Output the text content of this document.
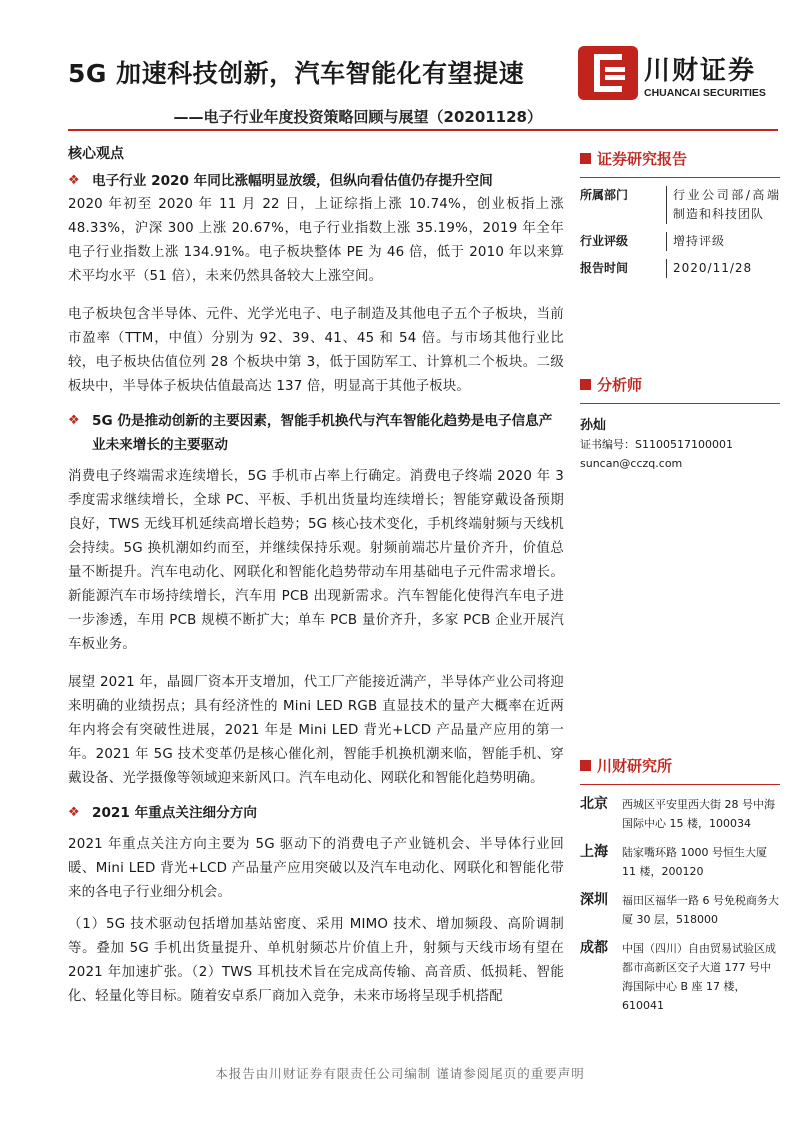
5G 加速科技创新，汽车智能化有望提速
——电子行业年度投资策略回顾与展望（20201128）
川财证券
CHUANCAI SECURITIES
核心观点
❖ 电子行业 2020 年同比涨幅明显放缓，但纵向看估值仍存提升空间

2020 年初至 2020 年 11 月 22 日，上证综指上涨 10.74%，创业板指上涨 48.33%，沪深 300 上涨 20.67%，电子行业指数上涨 35.19%，2019 年全年电子行业指数上涨 134.91%。电子板块整体 PE 为 46 倍，低于 2010 年以来算术平均水平（51 倍），未来仍然具备较大上涨空间。

电子板块包含半导体、元件、光学光电子、电子制造及其他电子五个子板块，当前市盈率（TTM，中值）分别为 92、39、41、45 和 54 倍。与市场其他行业比较，电子板块估值位列 28 个板块中第 3，低于国防军工、计算机二个板块。二级板块中，半导体子板块估值最高达 137 倍，明显高于其他子板块。

❖ 5G 仍是推动创新的主要因素，智能手机换代与汽车智能化趋势是电子信息产业未来增长的主要驱动

消费电子终端需求连续增长，5G 手机市占率上行确定。消费电子终端 2020 年 3 季度需求继续增长，全球 PC、平板、手机出货量均连续增长；智能穿戴设备预期良好，TWS 无线耳机延续高增长趋势；5G 核心技术变化，手机终端射频与天线机会持续。5G 换机潮如约而至，并继续保持乐观。射频前端芯片量价齐升，价值总量不断提升。汽车电动化、网联化和智能化趋势带动车用基础电子元件需求增长。新能源汽车市场持续增长，汽车用 PCB 出现新需求。汽车智能化使得汽车电子进一步渗透，车用 PCB 规模不断扩大；单车 PCB 量价齐升，多家 PCB 企业开展汽车板业务。

展望 2021 年，晶圆厂资本开支增加，代工厂产能接近满产，半导体产业公司将迎来明确的业绩拐点；具有经济性的 Mini LED RGB 直显技术的量产大概率在近两年内将会有突破性进展，2021 年是 Mini LED 背光+LCD 产品量产应用的第一年。2021 年 5G 技术变革仍是核心催化剂，智能手机换机潮来临，智能手机、穿戴设备、光学摄像等领域迎来新风口。汽车电动化、网联化和智能化趋势明确。

❖ 2021 年重点关注细分方向

2021 年重点关注方向主要为 5G 驱动下的消费电子产业链机会、半导体行业回暖、Mini LED 背光+LCD 产品量产应用突破以及汽车电动化、网联化和智能化带来的各电子行业细分机会。

（1）5G 技术驱动包括增加基站密度、采用 MIMO 技术、增加频段、高阶调制等。叠加 5G 手机出货量提升、单机射频芯片价值上升，射频与天线市场有望在 2021 年加速扩张。（2）TWS 耳机技术旨在完成高传输、高音质、低损耗、智能化、轻量化等目标。随着安卓系厂商加入竞争，未来市场将呈现手机搭配

证券研究报告
所属部门	行业公司部/高端制造和科技团队
行业评级	增持评级
报告时间	2020/11/28
分析师
孙灿
证书编号：S1100517100001
suncan@cczq.com
川财研究所
北京	西城区平安里西大街 28 号中海国际中心 15 楼，100034
上海	陆家嘴环路 1000 号恒生大厦 11 楼，200120
深圳	福田区福华一路 6 号免税商务大厦 30 层，518000
成都	中国（四川）自由贸易试验区成都市高新区交子大道 177 号中海国际中心 B 座 17 楼，610041
本报告由川财证券有限责任公司编制 谨请参阅尾页的重要声明
